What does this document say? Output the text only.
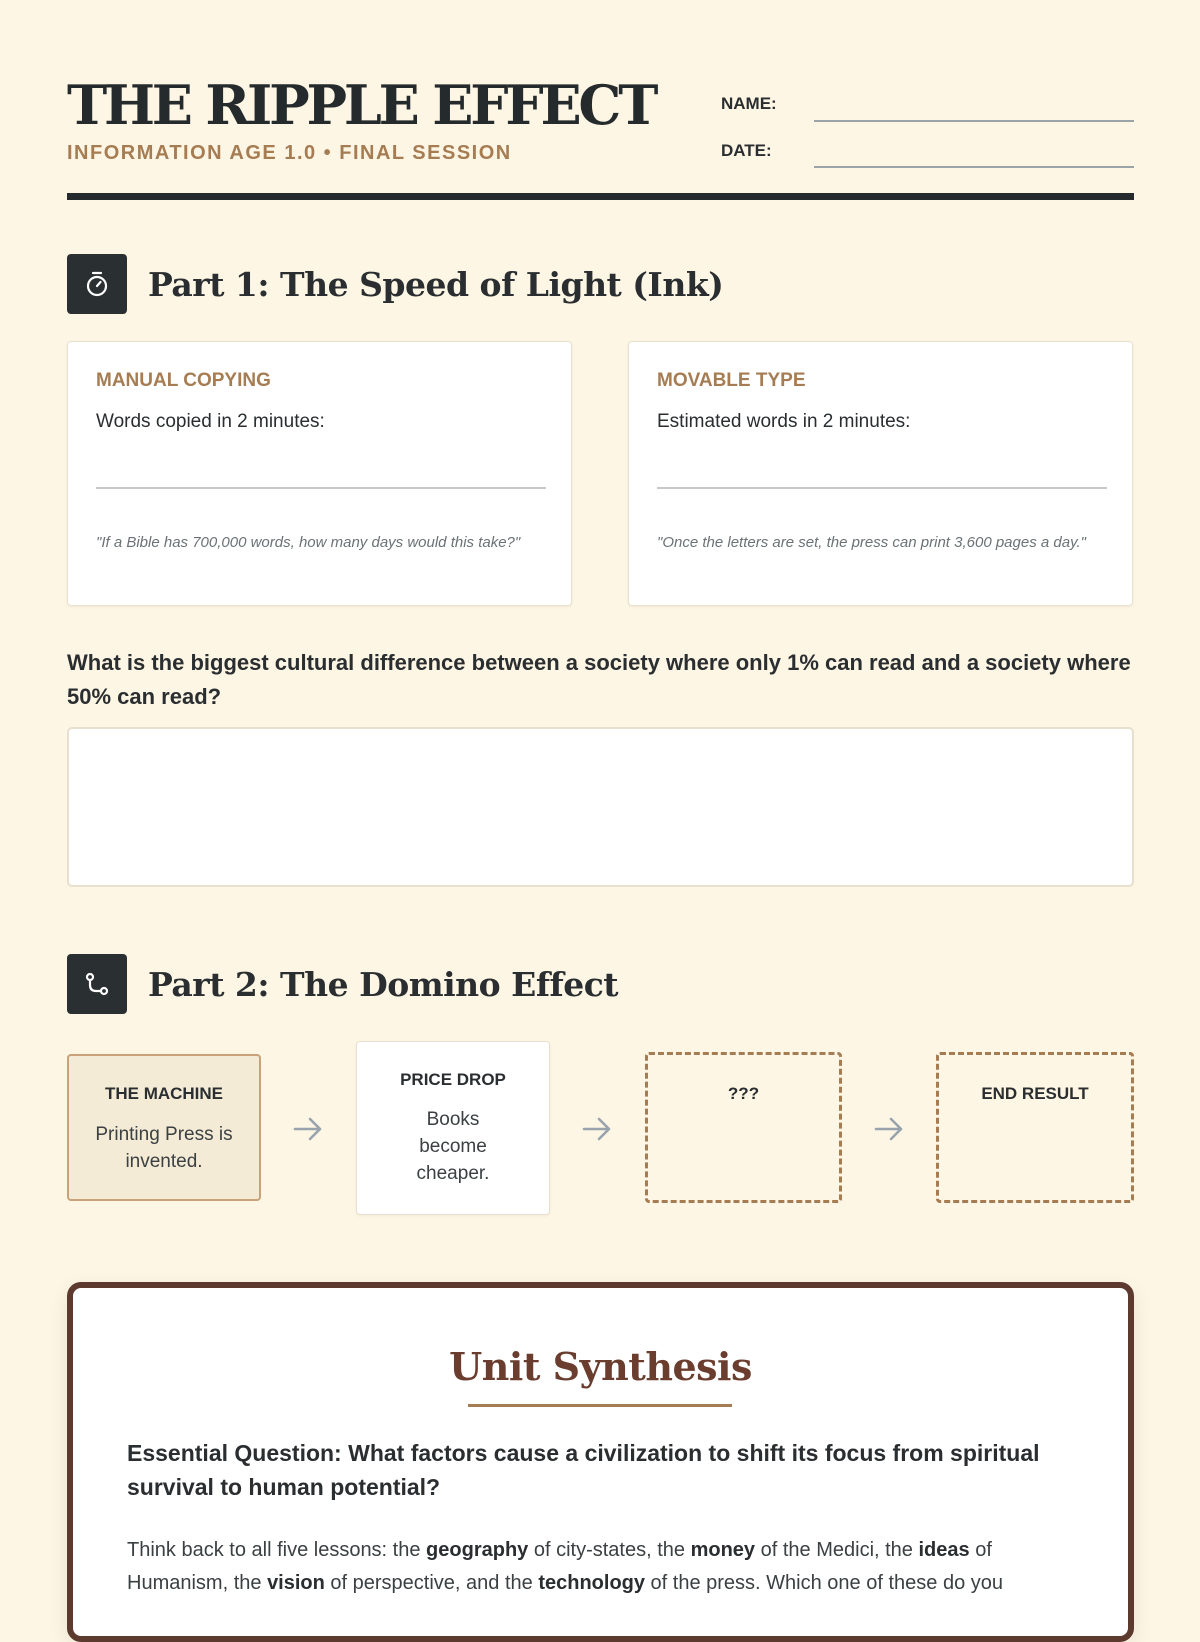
THE RIPPLE EFFECT
INFORMATION AGE 1.0 • FINAL SESSION
NAME:
DATE:
Part 1: The Speed of Light (Ink)
MANUAL COPYING
Words copied in 2 minutes:
"If a Bible has 700,000 words, how many days would this take?"
MOVABLE TYPE
Estimated words in 2 minutes:
"Once the letters are set, the press can print 3,600 pages a day."

What is the biggest cultural difference between a society where only 1% can read and a society where 50% can read?

Part 2: The Domino Effect
THE MACHINE
Printing Press is invented.
PRICE DROP
Books become cheaper.
???	END RESULT
Unit Synthesis

Essential Question: What factors cause a civilization to shift its focus from spiritual survival to human potential?

Think back to all five lessons: the geography of city-states, the money of the Medici, the ideas of Humanism, the vision of perspective, and the technology of the press. Which one of these do you
